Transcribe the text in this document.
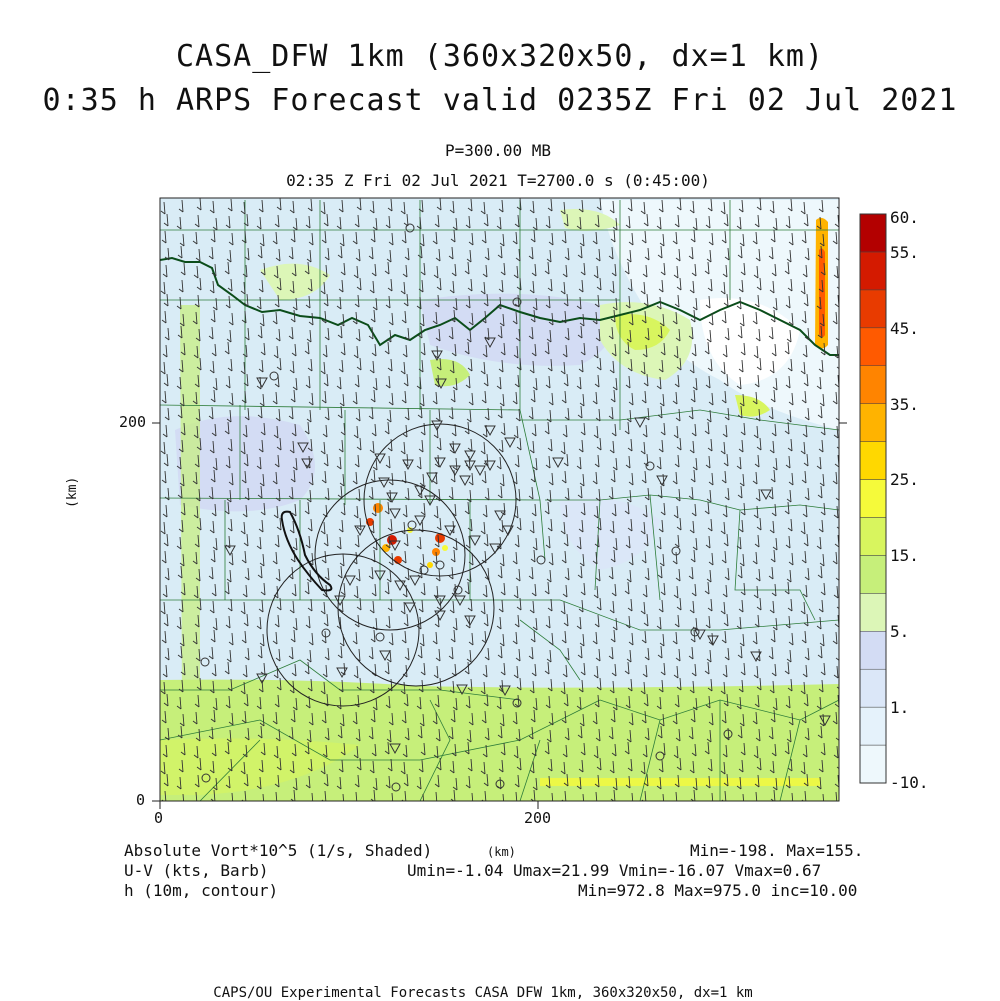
CASA_DFW 1km (360x320x50, dx=1 km)
0:35 h ARPS Forecast valid 0235Z Fri 02 Jul 2021
P=300.00 MB
02:35 Z Fri 02 Jul 2021 T=2700.0 s (0:45:00)
0	200
0
200
(km)
60.
55.
45.
35.
25.
15.
5.
1.
-10.
Absolute Vort*10^5 (1/s, Shaded)	(km)	Min=-198. Max=155.
U-V (kts, Barb)	Umin=-1.04 Umax=21.99 Vmin=-16.07 Vmax=0.67
h (10m, contour)	Min=972.8 Max=975.0 inc=10.00
CAPS/OU Experimental Forecasts CASA DFW 1km, 360x320x50, dx=1 km
